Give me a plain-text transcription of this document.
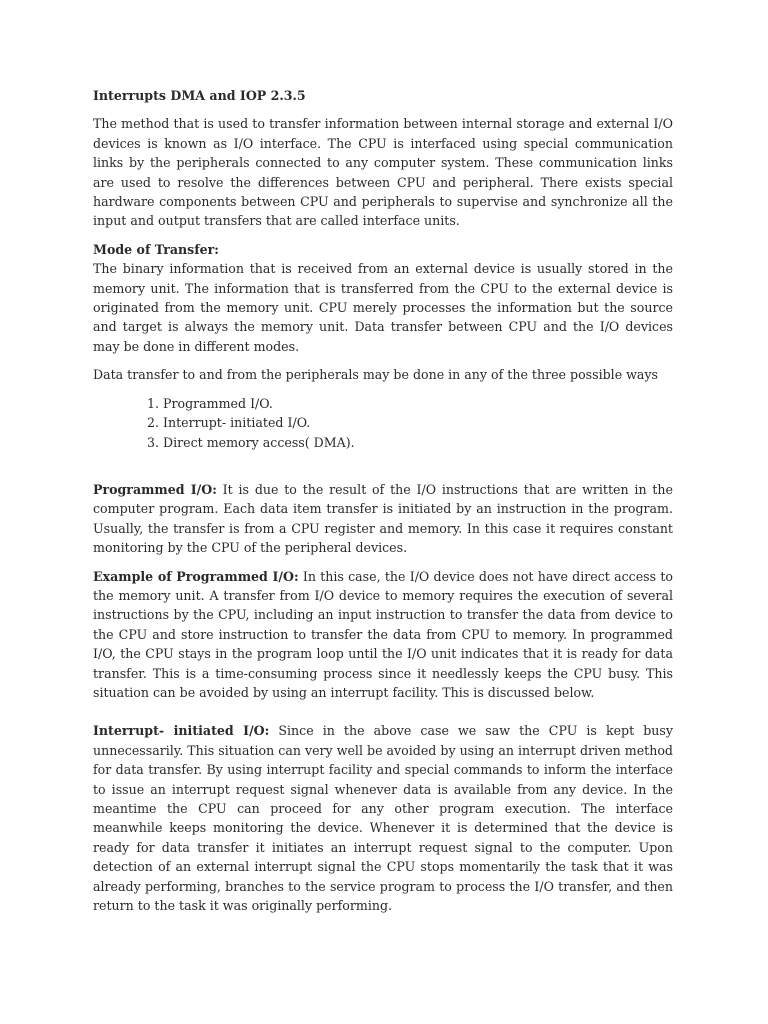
Interrupts DMA and IOP 2.3.5

The method that is used to transfer information between internal storage and external I/O devices is known as I/O interface. The CPU is interfaced using special communication links by the peripherals connected to any computer system. These communication links are used to resolve the differences between CPU and peripheral. There exists special hardware components between CPU and peripherals to supervise and synchronize all the input and output transfers that are called interface units.

Mode of Transfer:

The binary information that is received from an external device is usually stored in the memory unit. The information that is transferred from the CPU to the external device is originated from the memory unit. CPU merely processes the information but the source and target is always the memory unit. Data transfer between CPU and the I/O devices may be done in different modes.

Data transfer to and from the peripherals may be done in any of the three possible ways

1. Programmed I/O.
2. Interrupt- initiated I/O.
3. Direct memory access( DMA).

Programmed I/O: It is due to the result of the I/O instructions that are written in the computer program. Each data item transfer is initiated by an instruction in the program. Usually, the transfer is from a CPU register and memory. In this case it requires constant monitoring by the CPU of the peripheral devices.

Example of Programmed I/O: In this case, the I/O device does not have direct access to the memory unit. A transfer from I/O device to memory requires the execution of several instructions by the CPU, including an input instruction to transfer the data from device to the CPU and store instruction to transfer the data from CPU to memory. In programmed I/O, the CPU stays in the program loop until the I/O unit indicates that it is ready for data transfer. This is a time-consuming process since it needlessly keeps the CPU busy. This situation can be avoided by using an interrupt facility. This is discussed below.

Interrupt- initiated I/O: Since in the above case we saw the CPU is kept busy unnecessarily. This situation can very well be avoided by using an interrupt driven method for data transfer. By using interrupt facility and special commands to inform the interface to issue an interrupt request signal whenever data is available from any device. In the meantime the CPU can proceed for any other program execution. The interface meanwhile keeps monitoring the device. Whenever it is determined that the device is ready for data transfer it initiates an interrupt request signal to the computer. Upon detection of an external interrupt signal the CPU stops momentarily the task that it was already performing, branches to the service program to process the I/O transfer, and then return to the task it was originally performing.
